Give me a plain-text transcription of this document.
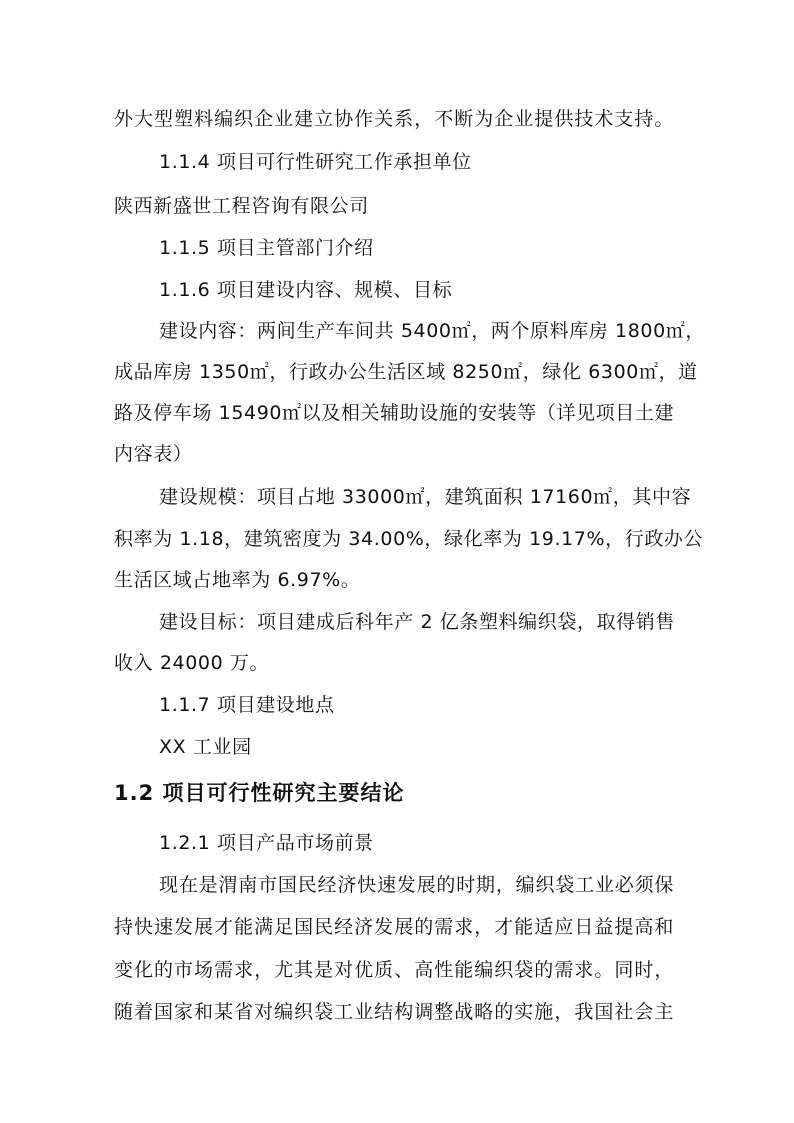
外大型塑料编织企业建立协作关系，不断为企业提供技术支持。
1.1.4 项目可行性研究工作承担单位
陕西新盛世工程咨询有限公司
1.1.5 项目主管部门介绍
1.1.6 项目建设内容、规模、目标
建设内容：两间生产车间共 5400㎡，两个原料库房 1800㎡，
成品库房 1350㎡，行政办公生活区域 8250㎡，绿化 6300㎡，道
路及停车场 15490㎡以及相关辅助设施的安装等（详见项目土建
内容表）
建设规模：项目占地 33000㎡，建筑面积 17160㎡，其中容
积率为 1.18，建筑密度为 34.00%，绿化率为 19.17%，行政办公
生活区域占地率为 6.97%。
建设目标：项目建成后科年产 2 亿条塑料编织袋，取得销售
收入 24000 万。
1.1.7 项目建设地点
XX 工业园
1.2 项目可行性研究主要结论
1.2.1 项目产品市场前景
现在是渭南市国民经济快速发展的时期，编织袋工业必须保
持快速发展才能满足国民经济发展的需求，才能适应日益提高和
变化的市场需求，尤其是对优质、高性能编织袋的需求。同时，
随着国家和某省对编织袋工业结构调整战略的实施，我国社会主
